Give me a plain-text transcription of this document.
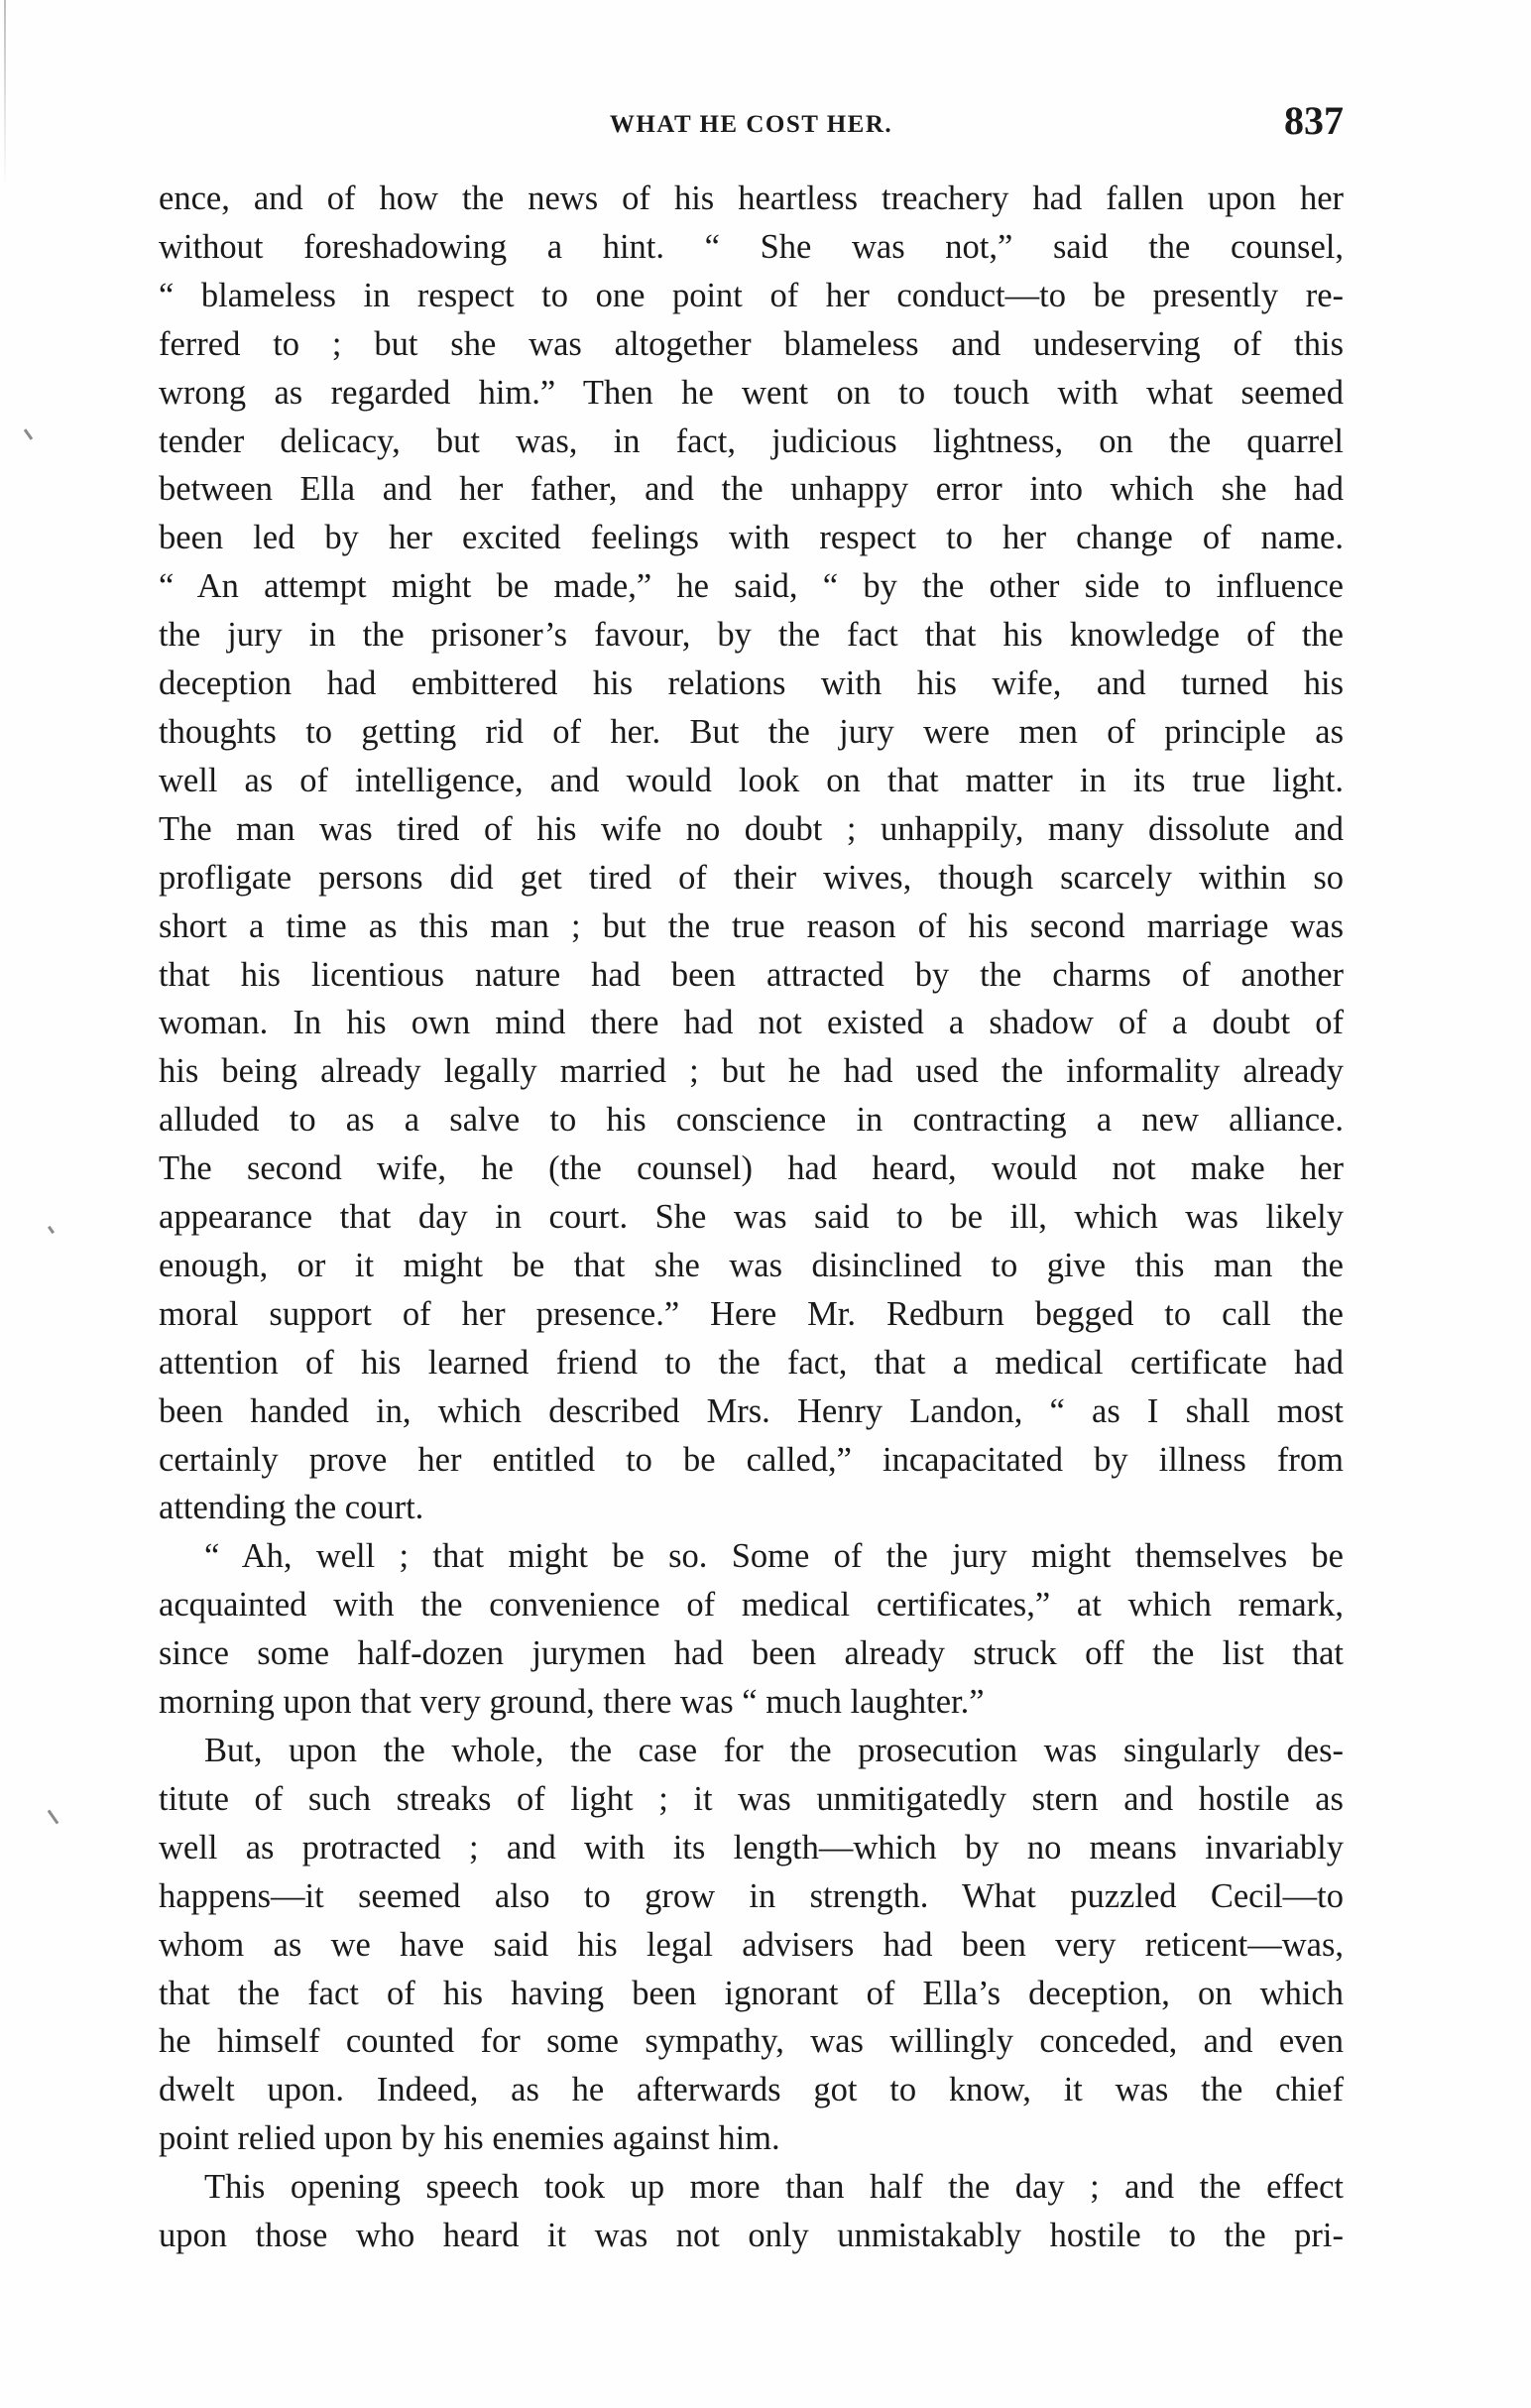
WHAT HE COST HER.	837
ence, and of how the news of his heartless treachery had fallen upon her
without foreshadowing a hint. “ She was not,” said the counsel,
“ blameless in respect to one point of her conduct—to be presently re-
ferred to ; but she was altogether blameless and undeserving of this
wrong as regarded him.” Then he went on to touch with what seemed
tender delicacy, but was, in fact, judicious lightness, on the quarrel
between Ella and her father, and the unhappy error into which she had
been led by her excited feelings with respect to her change of name.
“ An attempt might be made,” he said, “ by the other side to influence
the jury in the prisoner’s favour, by the fact that his knowledge of the
deception had embittered his relations with his wife, and turned his
thoughts to getting rid of her. But the jury were men of principle as
well as of intelligence, and would look on that matter in its true light.
The man was tired of his wife no doubt ; unhappily, many dissolute and
profligate persons did get tired of their wives, though scarcely within so
short a time as this man ; but the true reason of his second marriage was
that his licentious nature had been attracted by the charms of another
woman. In his own mind there had not existed a shadow of a doubt of
his being already legally married ; but he had used the informality already
alluded to as a salve to his conscience in contracting a new alliance.
The second wife, he (the counsel) had heard, would not make her
appearance that day in court. She was said to be ill, which was likely
enough, or it might be that she was disinclined to give this man the
moral support of her presence.” Here Mr. Redburn begged to call the
attention of his learned friend to the fact, that a medical certificate had
been handed in, which described Mrs. Henry Landon, “ as I shall most
certainly prove her entitled to be called,” incapacitated by illness from
attending the court.
“ Ah, well ; that might be so. Some of the jury might themselves be
acquainted with the convenience of medical certificates,” at which remark,
since some half-dozen jurymen had been already struck off the list that
morning upon that very ground, there was “ much laughter.”
But, upon the whole, the case for the prosecution was singularly des-
titute of such streaks of light ; it was unmitigatedly stern and hostile as
well as protracted ; and with its length—which by no means invariably
happens—it seemed also to grow in strength. What puzzled Cecil—to
whom as we have said his legal advisers had been very reticent—was,
that the fact of his having been ignorant of Ella’s deception, on which
he himself counted for some sympathy, was willingly conceded, and even
dwelt upon. Indeed, as he afterwards got to know, it was the chief
point relied upon by his enemies against him.
This opening speech took up more than half the day ; and the effect
upon those who heard it was not only unmistakably hostile to the pri-
